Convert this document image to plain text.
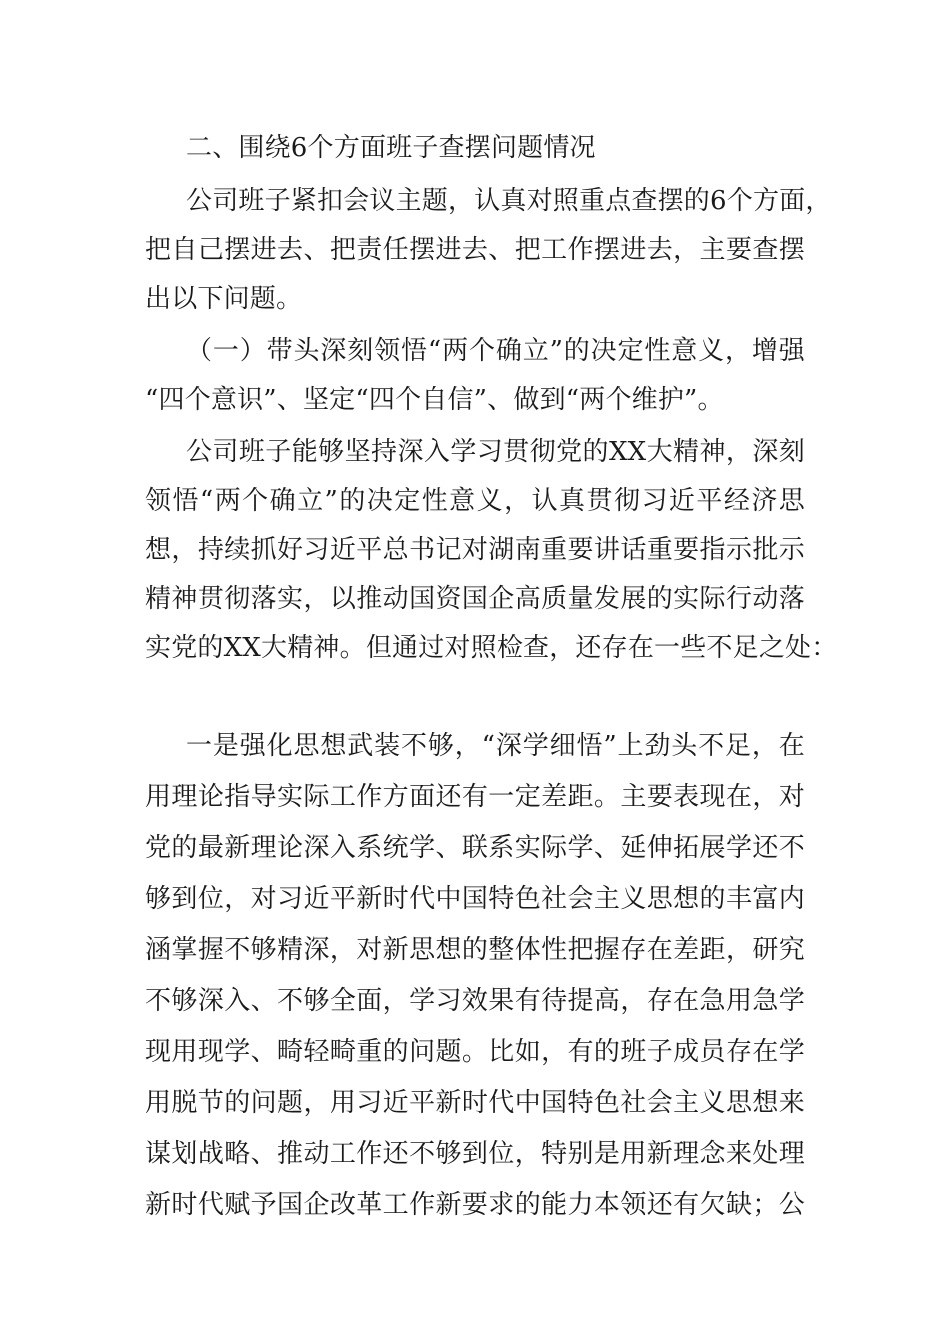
二、围绕6个方面班子查摆问题情况
公司班子紧扣会议主题，认真对照重点查摆的6个方面，
把自己摆进去、把责任摆进去、把工作摆进去，主要查摆
出以下问题。
（一）带头深刻领悟“两个确立”的决定性意义，增强
“四个意识”、坚定“四个自信”、做到“两个维护”。
公司班子能够坚持深入学习贯彻党的XX大精神，深刻
领悟“两个确立”的决定性意义，认真贯彻习近平经济思
想，持续抓好习近平总书记对湖南重要讲话重要指示批示
精神贯彻落实，以推动国资国企高质量发展的实际行动落
实党的XX大精神。但通过对照检查，还存在一些不足之处：
一是强化思想武装不够，“深学细悟”上劲头不足，在
用理论指导实际工作方面还有一定差距。主要表现在，对
党的最新理论深入系统学、联系实际学、延伸拓展学还不
够到位，对习近平新时代中国特色社会主义思想的丰富内
涵掌握不够精深，对新思想的整体性把握存在差距，研究
不够深入、不够全面，学习效果有待提高，存在急用急学
现用现学、畸轻畸重的问题。比如，有的班子成员存在学
用脱节的问题，用习近平新时代中国特色社会主义思想来
谋划战略、推动工作还不够到位，特别是用新理念来处理
新时代赋予国企改革工作新要求的能力本领还有欠缺；公
